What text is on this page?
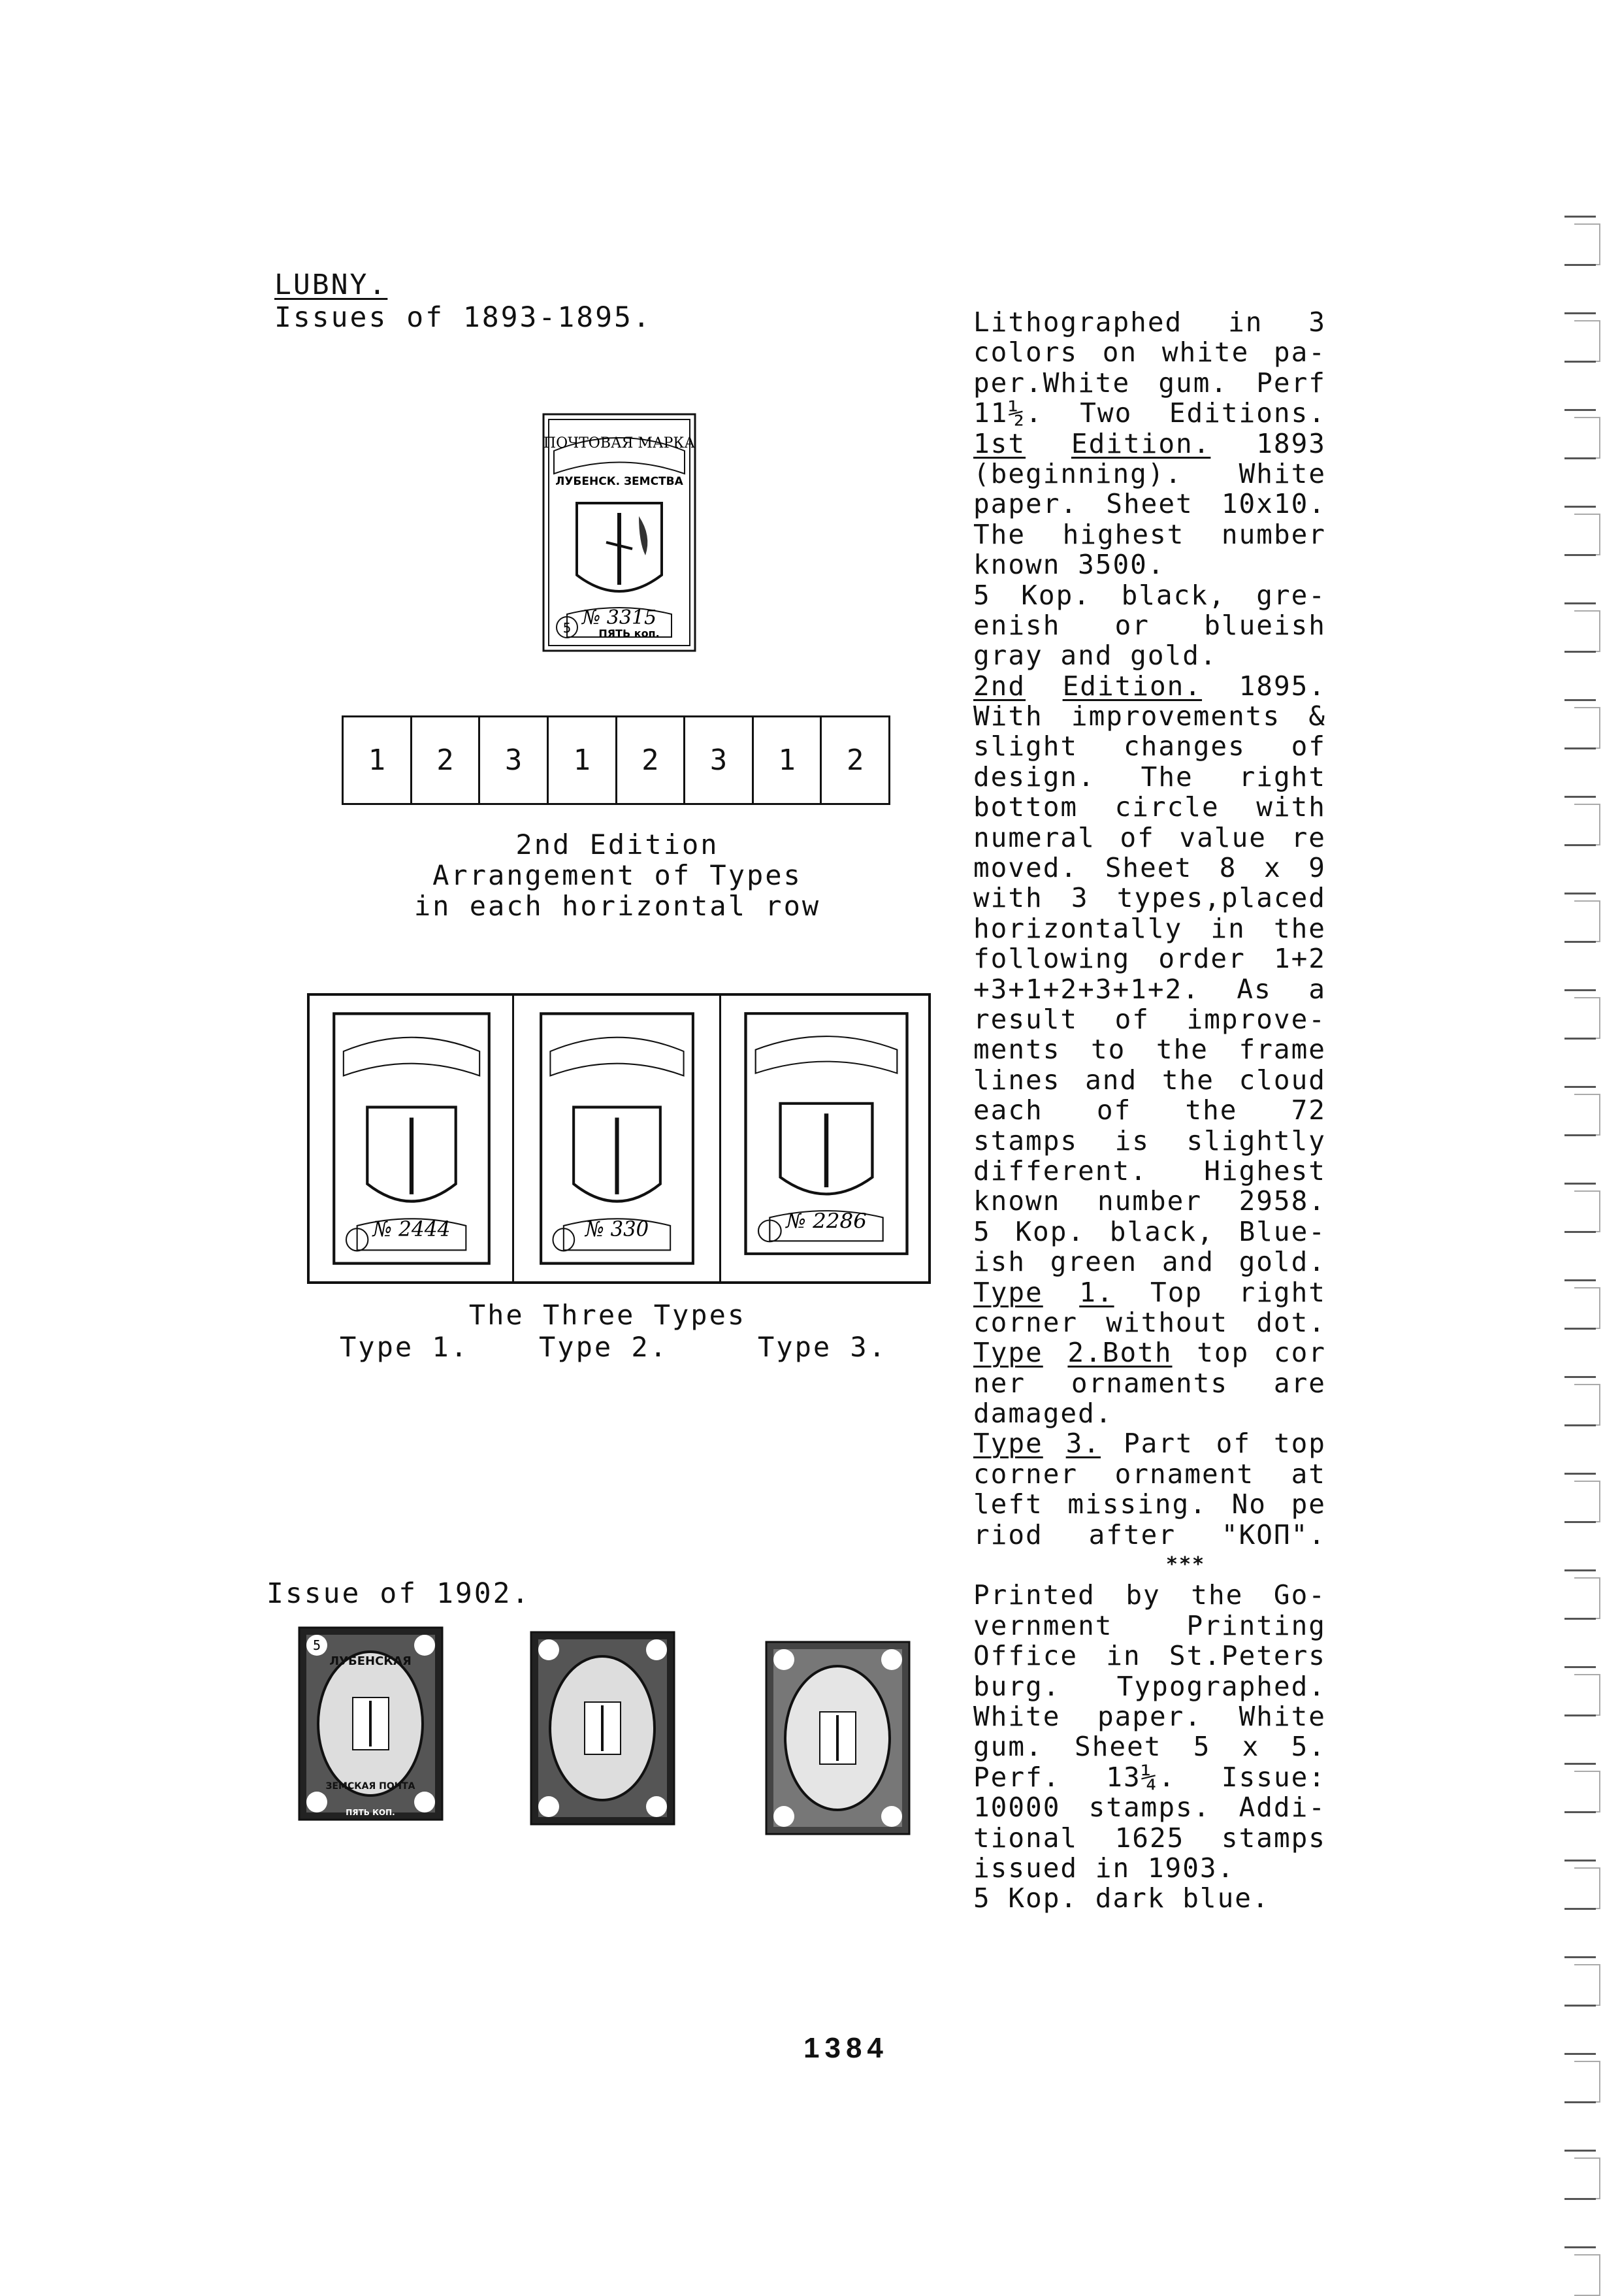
LUBNY.
Issues of 1893-1895.
ПОЧТОВАЯ МАРКА
ЛУБЕНСК. ЗЕМСТВА
№ 3315
ПЯТЬ коп.
5
1	2	3	1	2	3	1	2
2nd Edition
Arrangement of Types
in each horizontal row
№ 2444	№ 330	№ 2286
The Three Types
Type 1.	Type 2.	Type 3.
Issue of 1902.
ЛУБЕНСКАЯ
ЗЕМСКАЯ ПОЧТА
5
ПЯТЬ КОП.
Lithographed in 3
colors on white pa-
per.White gum. Perf
11½. Two Editions.
1st Edition. 1893
(beginning). White
paper. Sheet 10x10.
The highest number
known 3500.
5 Kop. black, gre-
enish or blueish
gray and gold.
2nd Edition. 1895.
With improvements &
slight changes of
design. The right
bottom circle with
numeral of value re
moved. Sheet 8 x 9
with 3 types,placed
horizontally in the
following order 1+2
+3+1+2+3+1+2. As a
result of improve-
ments to the frame
lines and the cloud
each of the 72
stamps is slightly
different. Highest
known number 2958.
5 Kop. black, Blue-
ish green and gold.
Type 1. Top right
corner without dot.
Type 2.Both top cor
ner ornaments are
damaged.
Type 3. Part of top
corner ornament at
left missing. No pe
riod after "КОП".
***
Printed by the Go-
vernment	Printing
Office in St.Peters
burg. Typographed.
White paper. White
gum. Sheet 5 x 5.
Perf. 13¼. Issue:
10000 stamps. Addi-
tional 1625 stamps
issued in 1903.
5 Kop. dark blue.
1384
